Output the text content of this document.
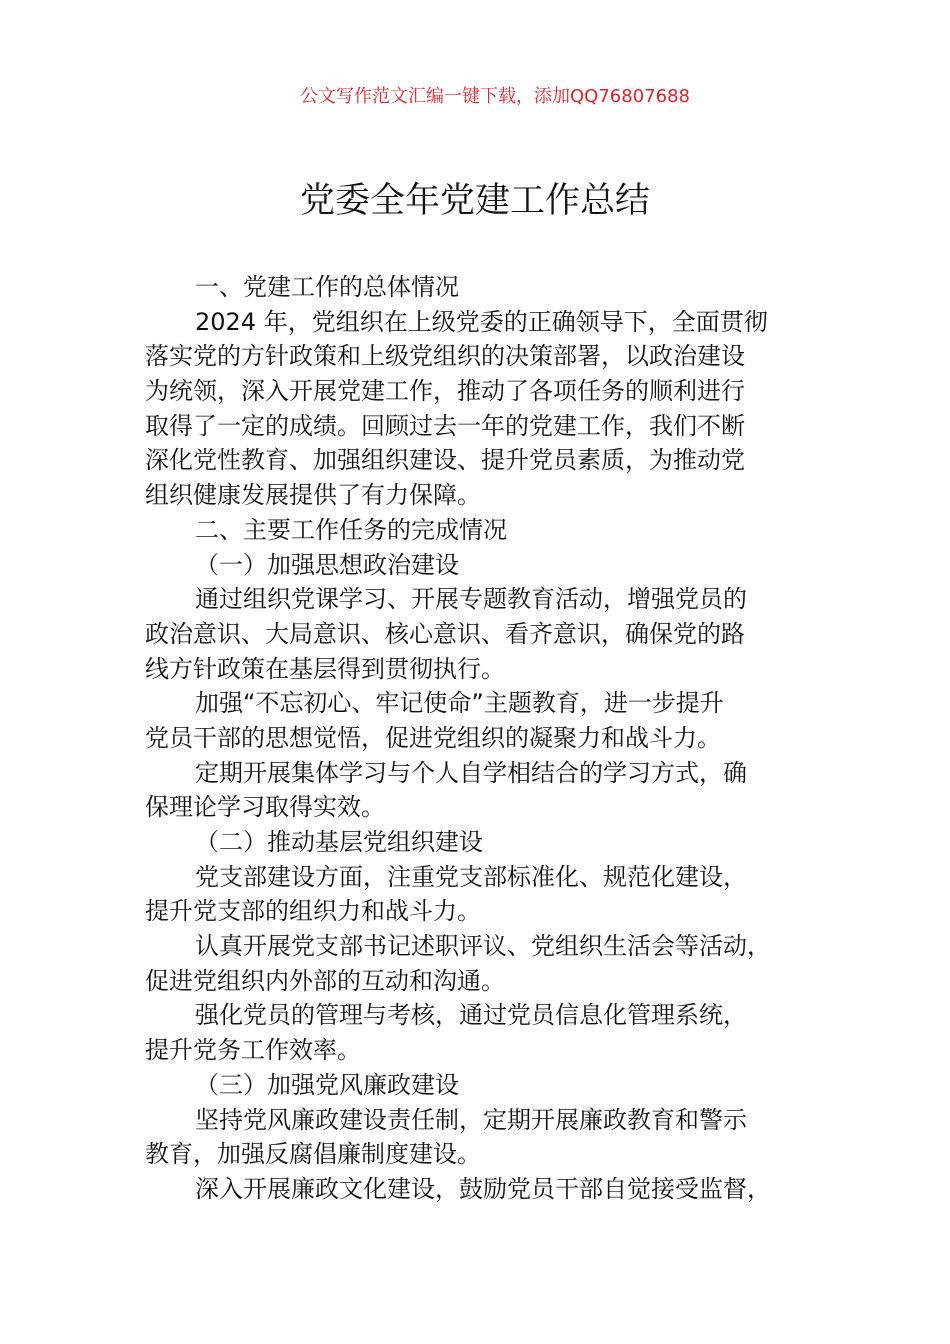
公文写作范文汇编一键下载，添加QQ76807688
党委全年党建工作总结
一、党建工作的总体情况
2024 年，党组织在上级党委的正确领导下，全面贯彻
落实党的方针政策和上级党组织的决策部署，以政治建设
为统领，深入开展党建工作，推动了各项任务的顺利进行
取得了一定的成绩。回顾过去一年的党建工作，我们不断
深化党性教育、加强组织建设、提升党员素质，为推动党
组织健康发展提供了有力保障。
二、主要工作任务的完成情况
（一）加强思想政治建设
通过组织党课学习、开展专题教育活动，增强党员的
政治意识、大局意识、核心意识、看齐意识，确保党的路
线方针政策在基层得到贯彻执行。
加强“不忘初心、牢记使命”主题教育，进一步提升
党员干部的思想觉悟，促进党组织的凝聚力和战斗力。
定期开展集体学习与个人自学相结合的学习方式，确
保理论学习取得实效。
（二）推动基层党组织建设
党支部建设方面，注重党支部标准化、规范化建设，
提升党支部的组织力和战斗力。
认真开展党支部书记述职评议、党组织生活会等活动，
促进党组织内外部的互动和沟通。
强化党员的管理与考核，通过党员信息化管理系统，
提升党务工作效率。
（三）加强党风廉政建设
坚持党风廉政建设责任制，定期开展廉政教育和警示
教育，加强反腐倡廉制度建设。
深入开展廉政文化建设，鼓励党员干部自觉接受监督，
